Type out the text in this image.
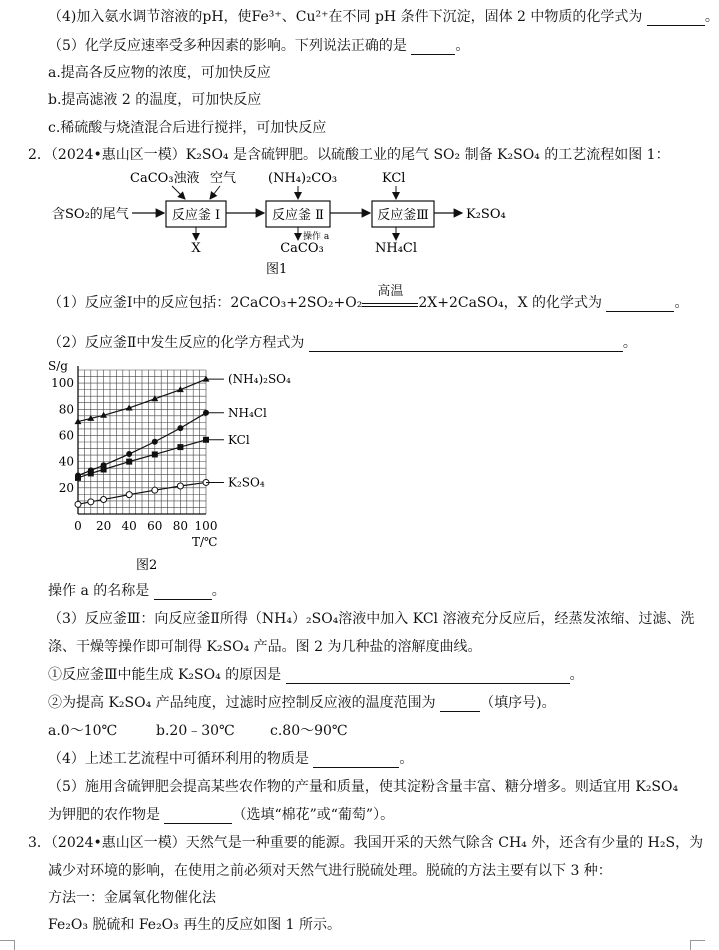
（4)加入氨水调节溶液的pH，使Fe³⁺、Cu²⁺在不同 pH 条件下沉淀，固体 2 中物质的化学式为	。
（5）化学反应速率受多种因素的影响。下列说法正确的是	。
a.提高各反应物的浓度，可加快反应
b.提高滤液 2 的温度，可加快反应
c.稀硫酸与烧渣混合后进行搅拌，可加快反应
2．（2024•惠山区一模）K₂SO₄ 是含硫钾肥。以硫酸工业的尾气 SO₂ 制备 K₂SO₄ 的工艺流程如图 1：
含SO₂的尾气	反应釜 Ⅰ	反应釜 Ⅱ	反应釜Ⅲ	K₂SO₄
CaCO₃浊液 空气 (NH₄)₂CO₃	KCl
X
操作 a
CaCO₃	NH₄Cl
图1
（1）反应釜Ⅰ中的反应包括：2CaCO₃+2SO₂+O₂
高温
2X+2CaSO₄，X 的化学式为	。
（2）反应釜Ⅱ中发生反应的化学方程式为	。
0 20 40 60 80 100
20
40
60
80
100	(NH₄)₂SO₄
NH₄Cl
KCl
K₂SO₄
S/g
T/℃
图2
操作 a 的名称是	。
（3）反应釜Ⅲ：向反应釜Ⅱ所得（NH₄）₂SO₄溶液中加入 KCl 溶液充分反应后，经蒸发浓缩、过滤、洗
涤、干燥等操作即可制得 K₂SO₄ 产品。图 2 为几种盐的溶解度曲线。
①反应釜Ⅲ中能生成 K₂SO₄ 的原因是	。
②为提高 K₂SO₄ 产品纯度，过滤时应控制反应液的温度范围为	（填序号)。
a.0～10℃	b.20﹣30℃	c.80～90℃
（4）上述工艺流程中可循环利用的物质是	。
（5）施用含硫钾肥会提高某些农作物的产量和质量，使其淀粉含量丰富、糖分增多。则适宜用 K₂SO₄
为钾肥的农作物是	（选填“棉花”或“葡萄”）。
3．（2024•惠山区一模）天然气是一种重要的能源。我国开采的天然气除含 CH₄ 外，还含有少量的 H₂S，为
减少对环境的影响，在使用之前必须对天然气进行脱硫处理。脱硫的方法主要有以下 3 种：
方法一：金属氧化物催化法
Fe₂O₃ 脱硫和 Fe₂O₃ 再生的反应如图 1 所示。
